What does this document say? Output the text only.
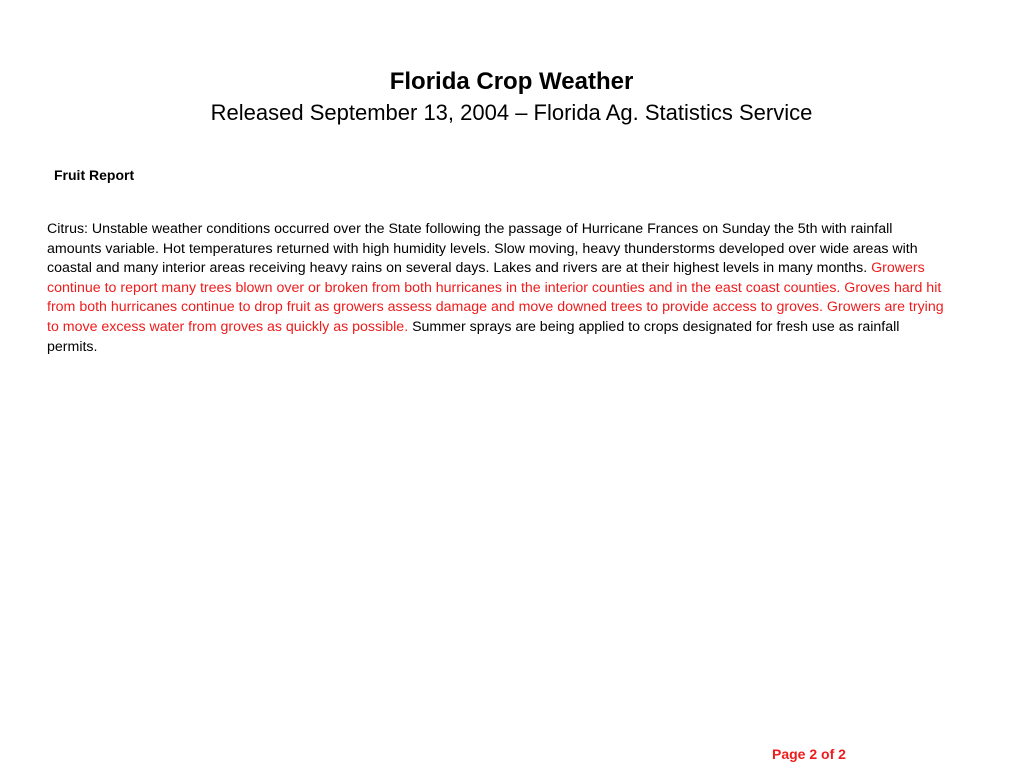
Florida Crop Weather
Released September 13, 2004 – Florida Ag. Statistics Service
Fruit Report

Citrus: Unstable weather conditions occurred over the State following the passage of Hurricane Frances on Sunday the 5th with rainfall amounts variable. Hot temperatures returned with high humidity levels. Slow moving, heavy thunderstorms developed over wide areas with coastal and many interior areas receiving heavy rains on several days. Lakes and rivers are at their highest levels in many months. Growers continue to report many trees blown over or broken from both hurricanes in the interior counties and in the east coast counties. Groves hard hit from both hurricanes continue to drop fruit as growers assess damage and move downed trees to provide access to groves. Growers are trying to move excess water from groves as quickly as possible. Summer sprays are being applied to crops designated for fresh use as rainfall permits.

Page 2 of 2
